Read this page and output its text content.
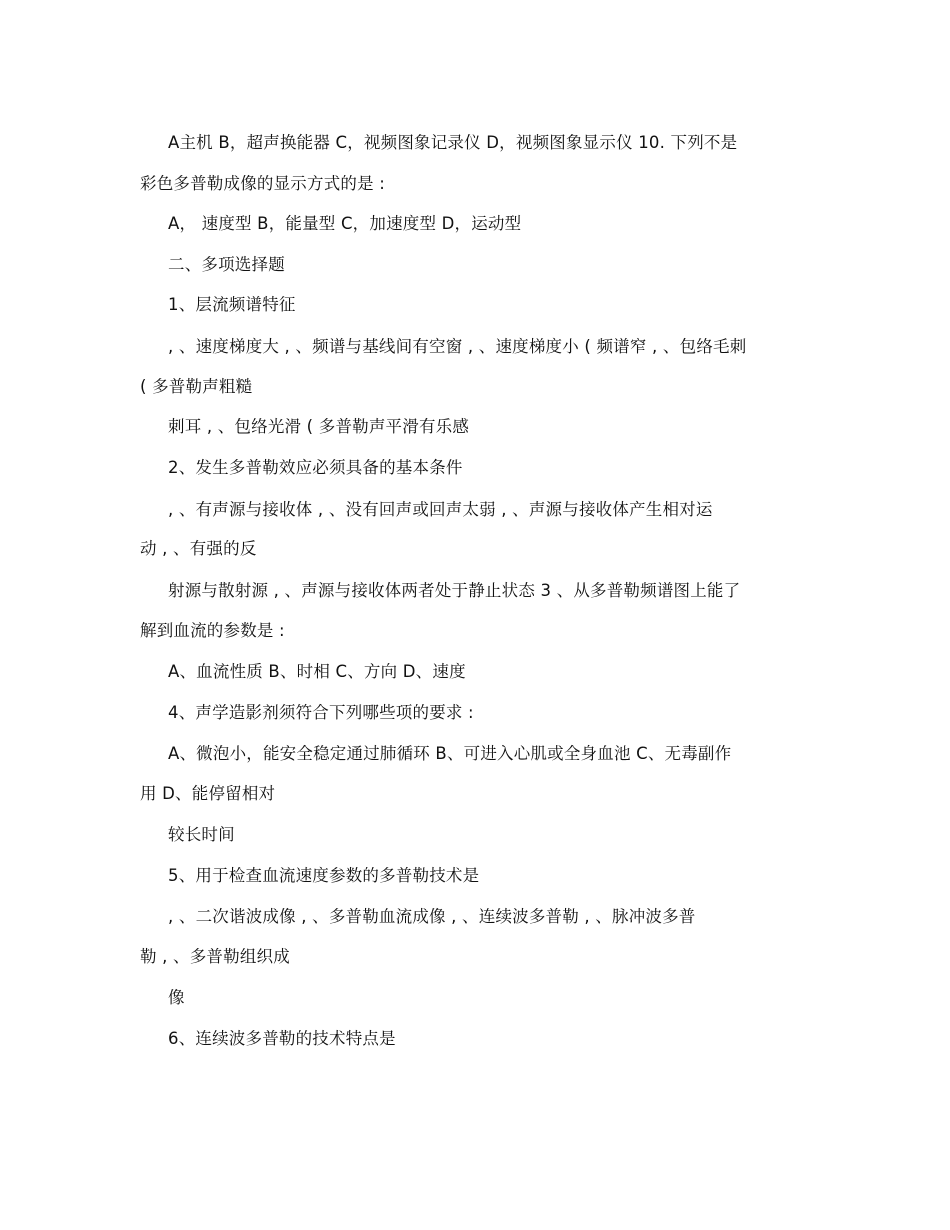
A主机 B，超声换能器 C，视频图象记录仪 D，视频图象显示仪 10. 下列不是
彩色多普勒成像的显示方式的是 :
A， 速度型 B，能量型 C，加速度型 D，运动型
二、多项选择题
1、层流频谱特征
, 、速度梯度大 , 、频谱与基线间有空窗 , 、速度梯度小 ( 频谱窄 , 、包络毛刺
( 多普勒声粗糙
刺耳 , 、包络光滑 ( 多普勒声平滑有乐感
2、发生多普勒效应必须具备的基本条件
, 、有声源与接收体 , 、没有回声或回声太弱 , 、声源与接收体产生相对运
动 , 、有强的反
射源与散射源 , 、声源与接收体两者处于静止状态 3 、从多普勒频谱图上能了
解到血流的参数是 :
A、血流性质 B、时相 C、方向 D、速度
4、声学造影剂须符合下列哪些项的要求 :
A、微泡小，能安全稳定通过肺循环 B、可进入心肌或全身血池 C、无毒副作
用 D、能停留相对
较长时间
5、用于检查血流速度参数的多普勒技术是
, 、二次谐波成像 , 、多普勒血流成像 , 、连续波多普勒 , 、脉冲波多普
勒 , 、多普勒组织成
像
6、连续波多普勒的技术特点是
